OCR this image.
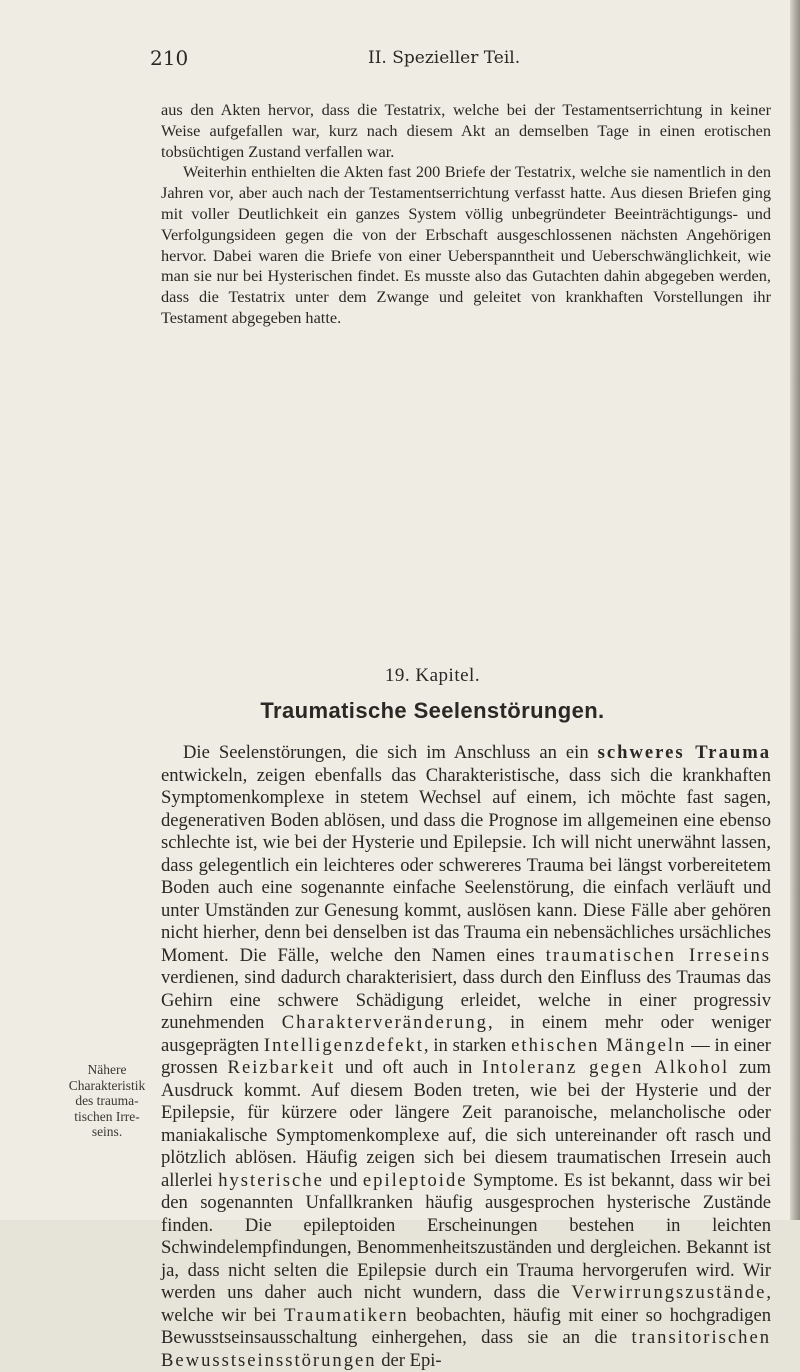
210	II. Spezieller Teil.

aus den Akten hervor, dass die Testatrix, welche bei der Testamentserrichtung in keiner Weise aufgefallen war, kurz nach diesem Akt an demselben Tage in einen erotischen tobsüchtigen Zustand verfallen war.

Weiterhin enthielten die Akten fast 200 Briefe der Testatrix, welche sie namentlich in den Jahren vor, aber auch nach der Testamentserrichtung verfasst hatte. Aus diesen Briefen ging mit voller Deutlichkeit ein ganzes System völlig unbegründeter Beeinträchtigungs- und Verfolgungsideen gegen die von der Erbschaft ausgeschlossenen nächsten Angehörigen hervor. Dabei waren die Briefe von einer Ueberspanntheit und Ueberschwänglichkeit, wie man sie nur bei Hysterischen findet. Es musste also das Gutachten dahin abgegeben werden, dass die Testatrix unter dem Zwange und geleitet von krankhaften Vorstellungen ihr Testament abgegeben hatte.

19. Kapitel.
Traumatische Seelenstörungen.
Nähere Charakteristik des traumatischen Irreseins.

Die Seelenstörungen, die sich im Anschluss an ein schweres Trauma entwickeln, zeigen ebenfalls das Charakteristische, dass sich die krankhaften Symptomenkomplexe in stetem Wechsel auf einem, ich möchte fast sagen, degenerativen Boden ablösen, und dass die Prognose im allgemeinen eine ebenso schlechte ist, wie bei der Hysterie und Epilepsie. Ich will nicht unerwähnt lassen, dass gelegentlich ein leichteres oder schwereres Trauma bei längst vorbereitetem Boden auch eine sogenannte einfache Seelenstörung, die einfach verläuft und unter Umständen zur Genesung kommt, auslösen kann. Diese Fälle aber gehören nicht hierher, denn bei denselben ist das Trauma ein nebensächliches ursächliches Moment. Die Fälle, welche den Namen eines traumatischen Irreseins verdienen, sind dadurch charakterisiert, dass durch den Einfluss des Traumas das Gehirn eine schwere Schädigung erleidet, welche in einer progressiv zunehmenden Charakterveränderung, in einem mehr oder weniger ausgeprägten Intelligenzdefekt, in starken ethischen Mängeln — in einer grossen Reizbarkeit und oft auch in Intoleranz gegen Alkohol zum Ausdruck kommt. Auf diesem Boden treten, wie bei der Hysterie und der Epilepsie, für kürzere oder längere Zeit paranoische, melancholische oder maniakalische Symptomenkomplexe auf, die sich untereinander oft rasch und plötzlich ablösen. Häufig zeigen sich bei diesem traumatischen Irresein auch allerlei hysterische und epileptoide Symptome. Es ist bekannt, dass wir bei den sogenannten Unfallkranken häufig ausgesprochen hysterische Zustände finden. Die epileptoiden Erscheinungen bestehen in leichten Schwindelempfindungen, Benommenheitszuständen und dergleichen. Bekannt ist ja, dass nicht selten die Epilepsie durch ein Trauma hervorgerufen wird. Wir werden uns daher auch nicht wundern, dass die Verwirrungszustände, welche wir bei Traumatikern beobachten, häufig mit einer so hochgradigen Bewusstseinsausschaltung einhergehen, dass sie an die transitorischen Bewusstseinsstörungen der Epi-
